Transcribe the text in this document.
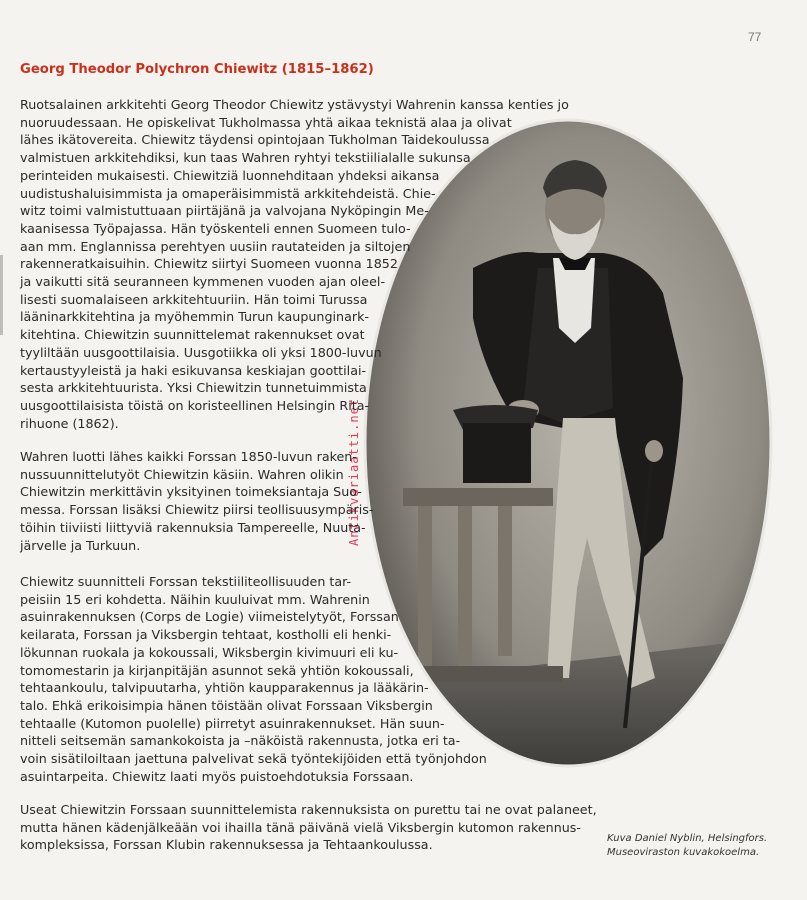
77
Georg Theodor Polychron Chiewitz (1815–1862)
Antikvariaatti.net
Ruotsalainen arkkitehti Georg Theodor Chiewitz ystävystyi Wahrenin kanssa kenties jo
nuoruudessaan. He opiskelivat Tukholmassa yhtä aikaa teknistä alaa ja olivat
lähes ikätovereita. Chiewitz täydensi opintojaan Tukholman Taidekoulussa
valmistuen arkkitehdiksi, kun taas Wahren ryhtyi tekstiilialalle sukunsa
perinteiden mukaisesti. Chiewitziä luonnehditaan yhdeksi aikansa
uudistushaluisimmista ja omaperäisimmistä arkkitehdeistä. Chie-
witz toimi valmistuttuaan piirtäjänä ja valvojana Nyköpingin Me-
kaanisessa Työpajassa. Hän työskenteli ennen Suomeen tulo-
aan mm. Englannissa perehtyen uusiin rautateiden ja siltojen
rakenneratkaisuihin. Chiewitz siirtyi Suomeen vuonna 1852
ja vaikutti sitä seuranneen kymmenen vuoden ajan oleel-
lisesti suomalaiseen arkkitehtuuriin. Hän toimi Turussa
lääninarkkitehtina ja myöhemmin Turun kaupunginark-
kitehtina. Chiewitzin suunnittelemat rakennukset ovat
tyyliltään uusgoottilaisia. Uusgotiikka oli yksi 1800-luvun
kertaustyyleistä ja haki esikuvansa keskiajan goottilai-
sesta arkkitehtuurista. Yksi Chiewitzin tunnetuimmista
uusgoottilaisista töistä on koristeellinen Helsingin Rita-
rihuone (1862).
Wahren luotti lähes kaikki Forssan 1850-luvun raken-
nussuunnittelutyöt Chiewitzin käsiin. Wahren olikin
Chiewitzin merkittävin yksityinen toimeksiantaja Suo-
messa. Forssan lisäksi Chiewitz piirsi teollisuusympäris-
töihin tiiviisti liittyviä rakennuksia Tampereelle, Nuuta-
järvelle ja Turkuun.
Chiewitz suunnitteli Forssan tekstiiliteollisuuden tar-
peisiin 15 eri kohdetta. Näihin kuuluivat mm. Wahrenin
asuinrakennuksen (Corps de Logie) viimeistelytyöt, Forssan
keilarata, Forssan ja Viksbergin tehtaat, kostholli eli henki-
lökunnan ruokala ja kokoussali, Wiksbergin kivimuuri eli ku-
tomomestarin ja kirjanpitäjän asunnot sekä yhtiön kokoussali,
tehtaankoulu, talvipuutarha, yhtiön kaupparakennus ja lääkärin-
talo. Ehkä erikoisimpia hänen töistään olivat Forssaan Viksbergin
tehtaalle (Kutomon puolelle) piirretyt asuinrakennukset. Hän suun-
nitteli seitsemän samankokoista ja –näköistä rakennusta, jotka eri ta-
voin sisätiloiltaan jaettuna palvelivat sekä työntekijöiden että työnjohdon
asuintarpeita. Chiewitz laati myös puistoehdotuksia Forssaan.
Useat Chiewitzin Forssaan suunnittelemista rakennuksista on purettu tai ne ovat palaneet,
mutta hänen kädenjälkeään voi ihailla tänä päivänä vielä Viksbergin kutomon rakennus-
kompleksissa, Forssan Klubin rakennuksessa ja Tehtaankoulussa.	Kuva Daniel Nyblin, Helsingfors.
Museoviraston kuvakokoelma.
